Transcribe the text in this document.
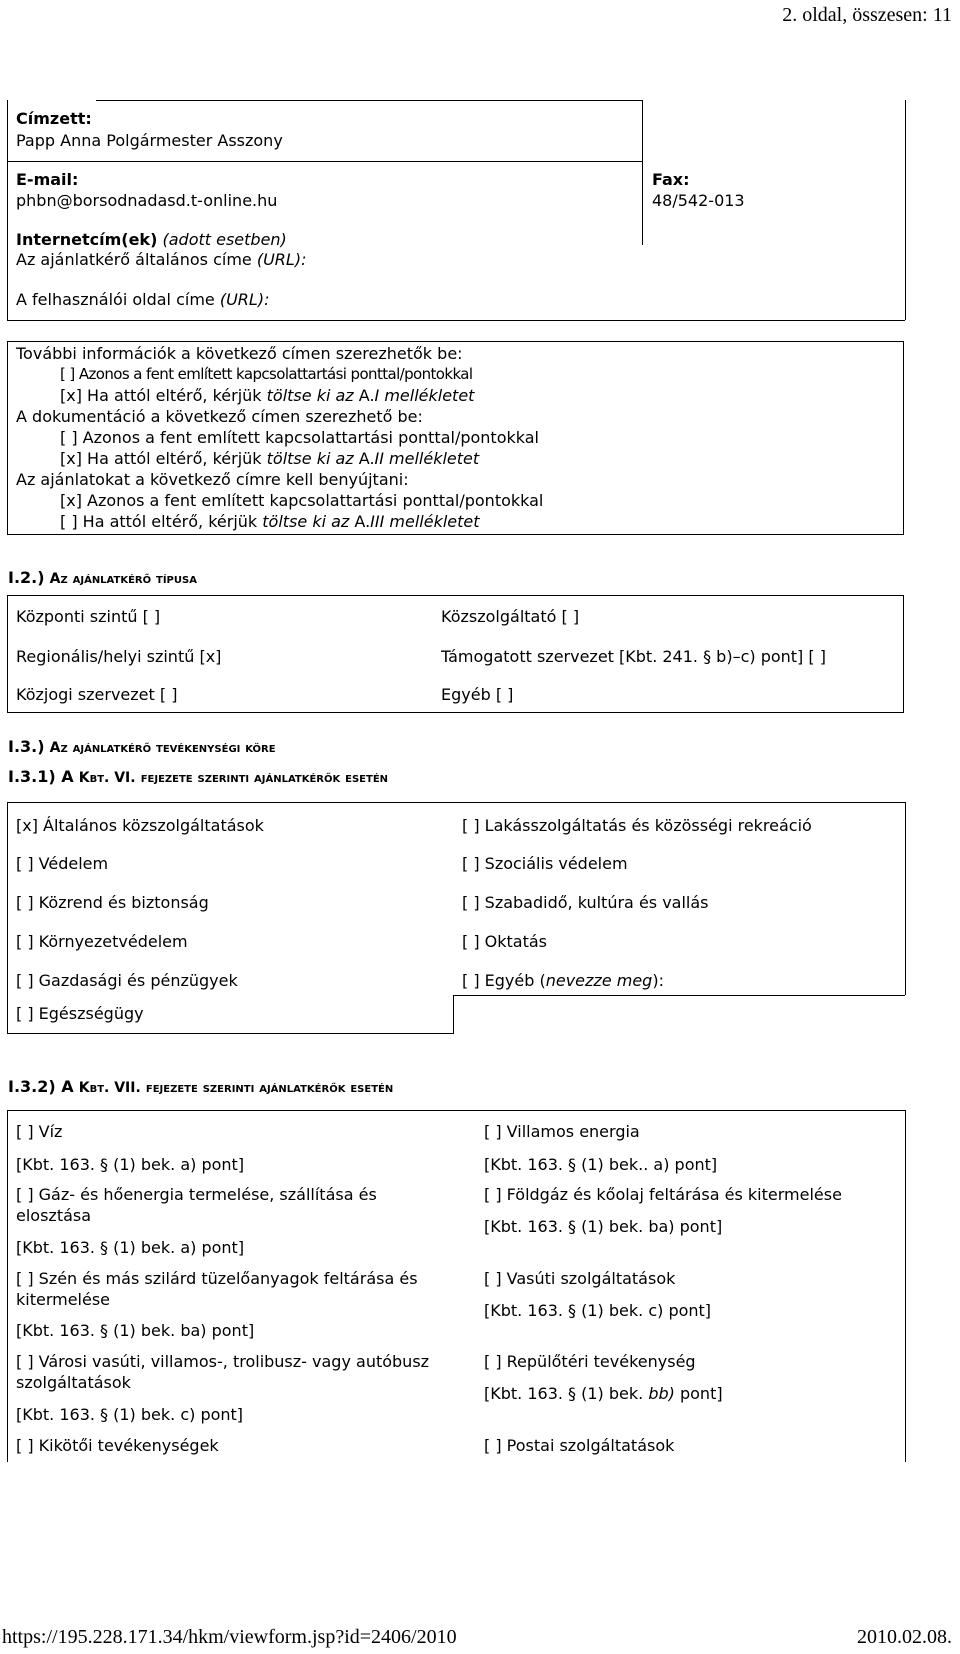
2. oldal, összesen: 11
Címzett:
Papp Anna Polgármester Asszony
E-mail:
phbn@borsodnadasd.t-online.hu
Fax:
48/542-013
Internetcím(ek) (adott esetben)
Az ajánlatkérő általános címe (URL):
A felhasználói oldal címe (URL):
További információk a következő címen szerezhetők be:
[ ] Azonos a fent említett kapcsolattartási ponttal/pontokkal
[x] Ha attól eltérő, kérjük töltse ki az A.I mellékletet
A dokumentáció a következő címen szerezhető be:
[ ] Azonos a fent említett kapcsolattartási ponttal/pontokkal
[x] Ha attól eltérő, kérjük töltse ki az A.II mellékletet
Az ajánlatokat a következő címre kell benyújtani:
[x] Azonos a fent említett kapcsolattartási ponttal/pontokkal
[ ] Ha attól eltérő, kérjük töltse ki az A.III mellékletet
I.2.) Az ajánlatkérő típusa
Központi szintű [ ]
Regionális/helyi szintű [x]
Közjogi szervezet [ ]
Közszolgáltató [ ]
Támogatott szervezet [Kbt. 241. § b)–c) pont] [ ]
Egyéb [ ]
I.3.) Az ajánlatkérő tevékenységi köre
I.3.1) A Kbt. VI. fejezete szerinti ajánlatkérők esetén
[x] Általános közszolgáltatások
[ ] Védelem
[ ] Közrend és biztonság
[ ] Környezetvédelem
[ ] Gazdasági és pénzügyek
[ ] Egészségügy
[ ] Lakásszolgáltatás és közösségi rekreáció
[ ] Szociális védelem
[ ] Szabadidő, kultúra és vallás
[ ] Oktatás
[ ] Egyéb (nevezze meg):
I.3.2) A Kbt. VII. fejezete szerinti ajánlatkérők esetén
[ ] Víz
[Kbt. 163. § (1) bek. a) pont]
[ ] Gáz- és hőenergia termelése, szállítása és
elosztása
[Kbt. 163. § (1) bek. a) pont]
[ ] Szén és más szilárd tüzelőanyagok feltárása és
kitermelése
[Kbt. 163. § (1) bek. ba) pont]
[ ] Városi vasúti, villamos-, trolibusz- vagy autóbusz
szolgáltatások
[Kbt. 163. § (1) bek. c) pont]
[ ] Kikötői tevékenységek
[ ] Villamos energia
[Kbt. 163. § (1) bek.. a) pont]
[ ] Földgáz és kőolaj feltárása és kitermelése
[Kbt. 163. § (1) bek. ba) pont]
[ ] Vasúti szolgáltatások
[Kbt. 163. § (1) bek. c) pont]
[ ] Repülőtéri tevékenység
[Kbt. 163. § (1) bek. bb) pont]
[ ] Postai szolgáltatások
https://195.228.171.34/hkm/viewform.jsp?id=2406/2010	2010.02.08.
